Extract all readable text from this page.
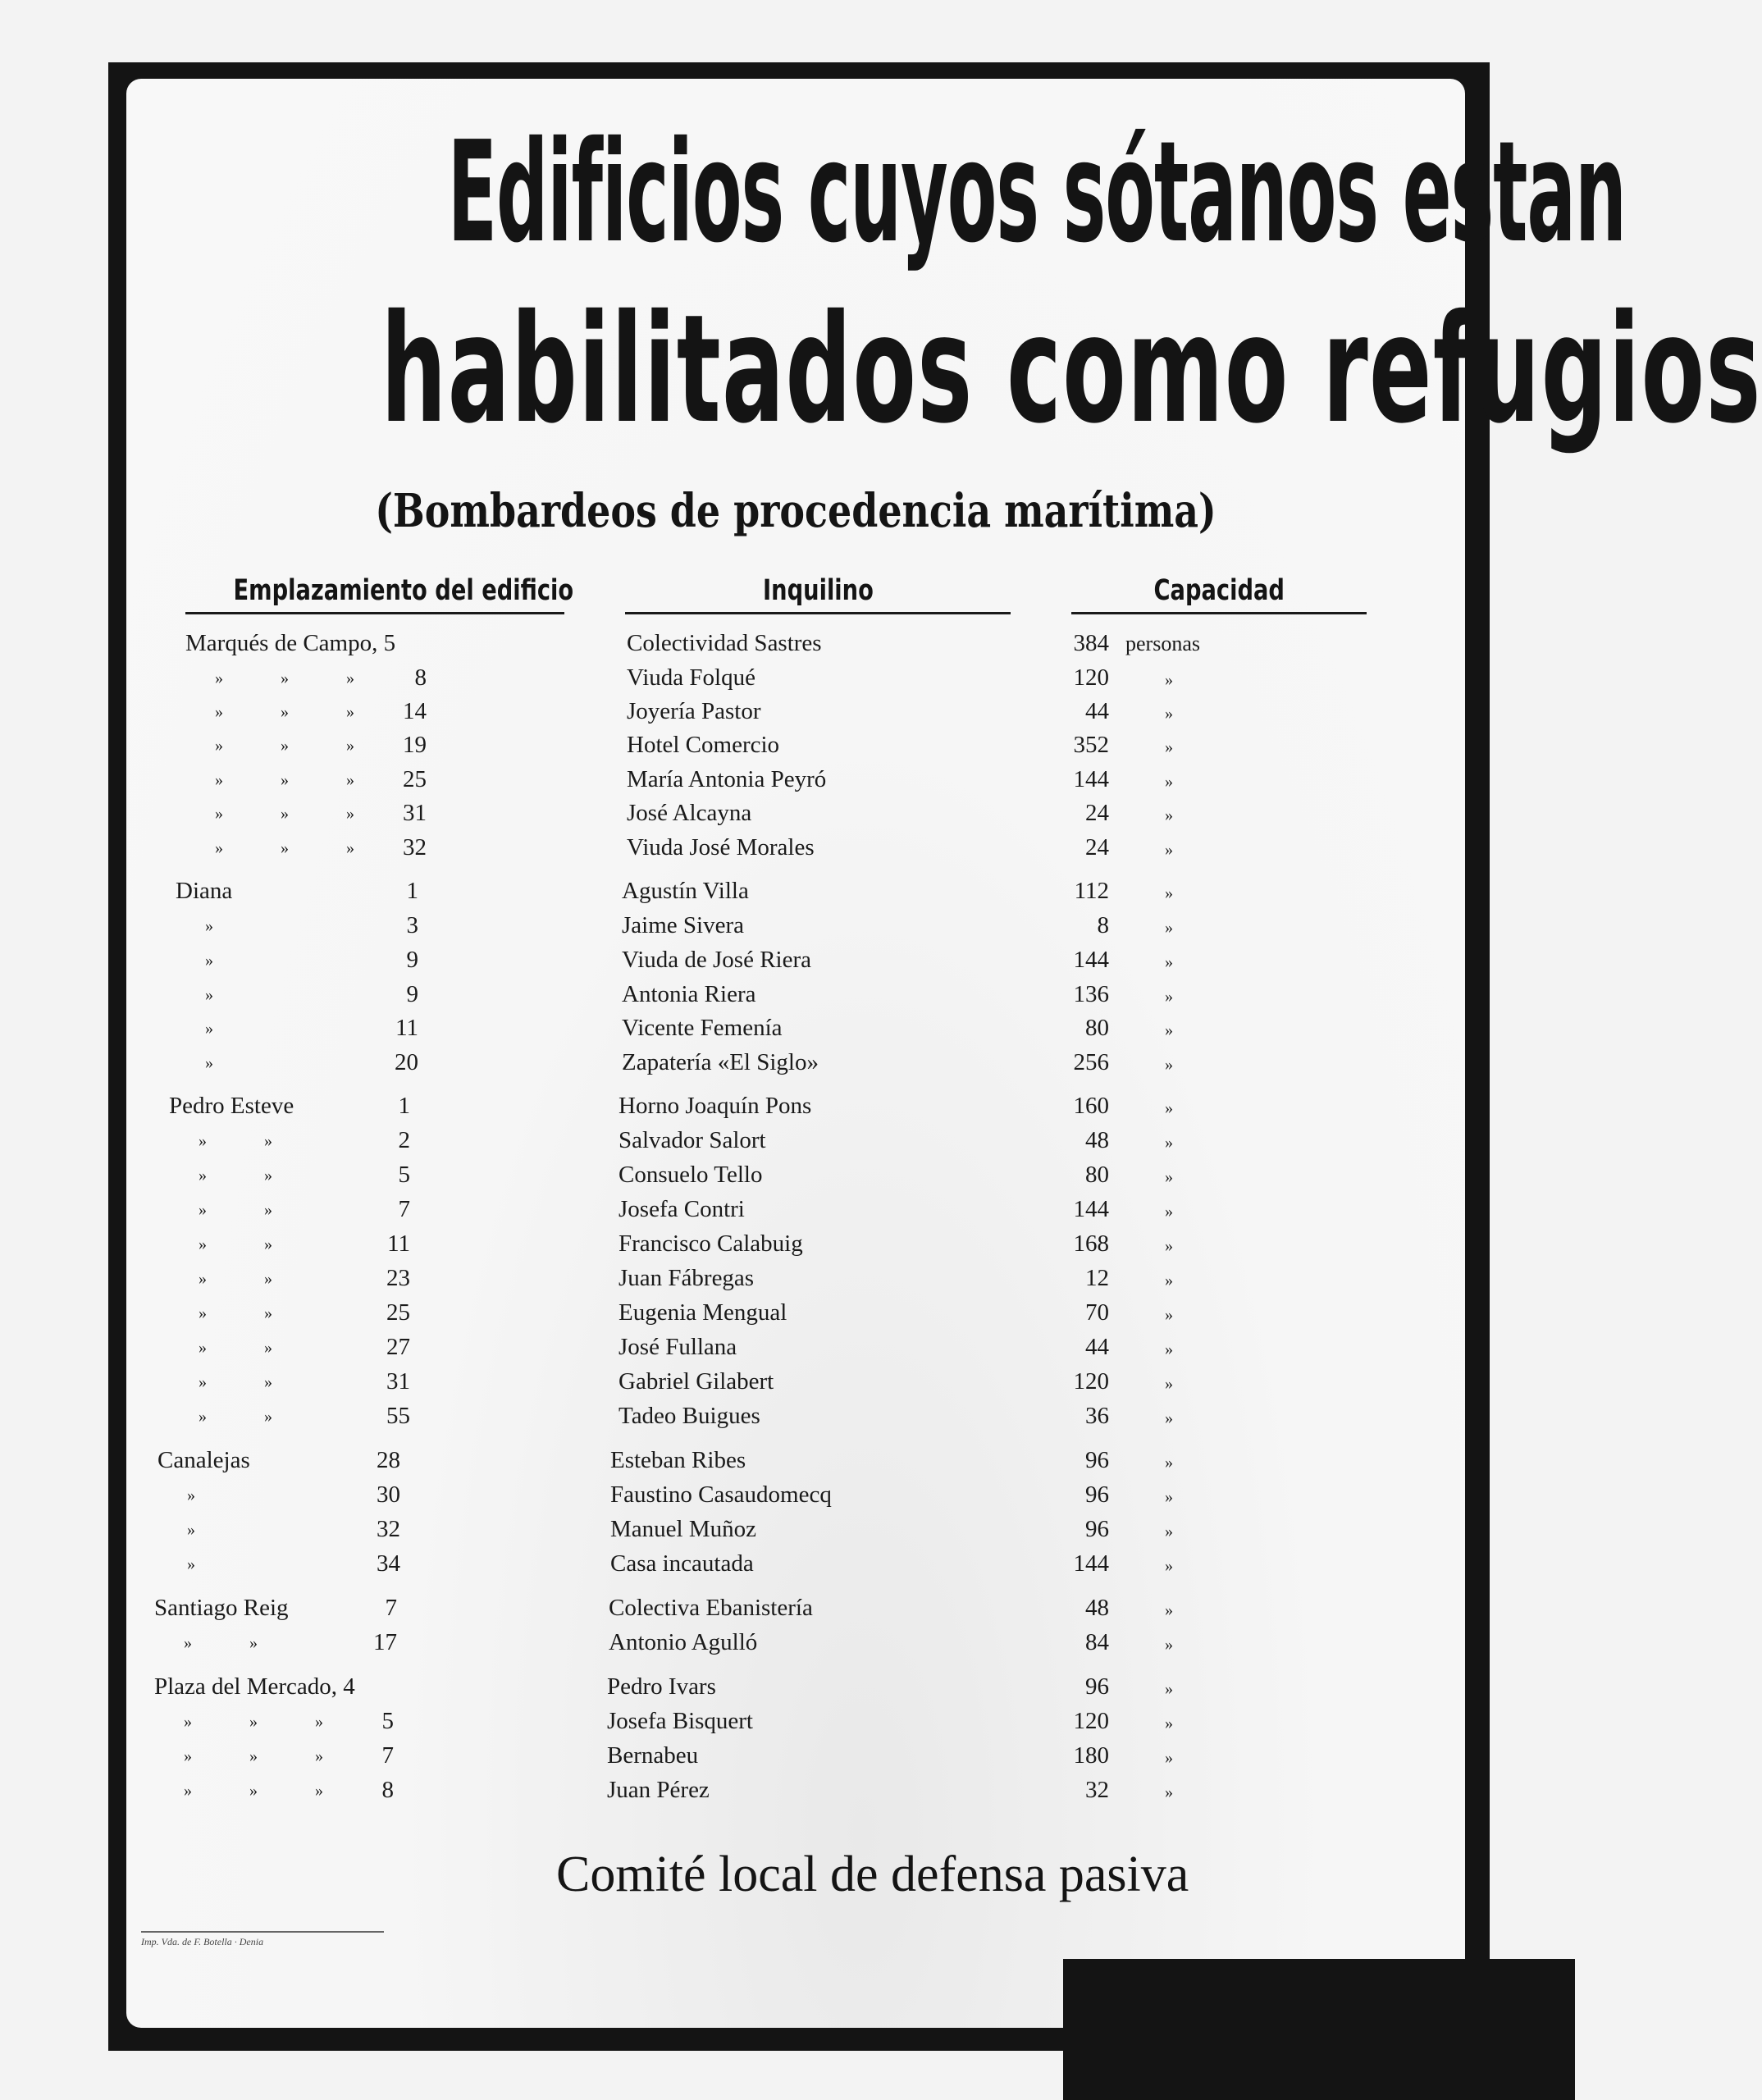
Edificios cuyos sótanos estan
habilitados como refugios
(Bombardeos de procedencia marítima)
Emplazamiento del edificio	Inquilino	Capacidad
Marqués de Campo, 5	Colectividad Sastres	384 personas
»	»	»	8	Viuda Folqué	120	»
»	»	»	14	Joyería Pastor	44	»
»	»	»	19	Hotel Comercio	352	»
»	»	»	25	María Antonia Peyró	144	»
»	»	»	31	José Alcayna	24	»
»	»	»	32	Viuda José Morales	24	»
Diana	1	Agustín Villa	112	»
»	3	Jaime Sivera	8	»
»	9	Viuda de José Riera	144	»
»	9	Antonia Riera	136	»
»	11	Vicente Femenía	80	»
»	20	Zapatería «El Siglo»	256	»
Pedro Esteve	1	Horno Joaquín Pons	160	»
»	»	2	Salvador Salort	48	»
»	»	5	Consuelo Tello	80	»
»	»	7	Josefa Contri	144	»
»	»	11	Francisco Calabuig	168	»
»	»	23	Juan Fábregas	12	»
»	»	25	Eugenia Mengual	70	»
»	»	27	José Fullana	44	»
»	»	31	Gabriel Gilabert	120	»
»	»	55	Tadeo Buigues	36	»
Canalejas	28	Esteban Ribes	96	»
»	30	Faustino Casaudomecq	96	»
»	32	Manuel Muñoz	96	»
»	34	Casa incautada	144	»
Santiago Reig	7	Colectiva Ebanistería	48	»
»	»	17	Antonio Agulló	84	»
Plaza del Mercado, 4	Pedro Ivars	96	»
»	»	»	5	Josefa Bisquert	120	»
»	»	»	7	Bernabeu	180	»
»	»	»	8	Juan Pérez	32	»
Comité local de defensa pasiva
Imp. Vda. de F. Botella · Denia
